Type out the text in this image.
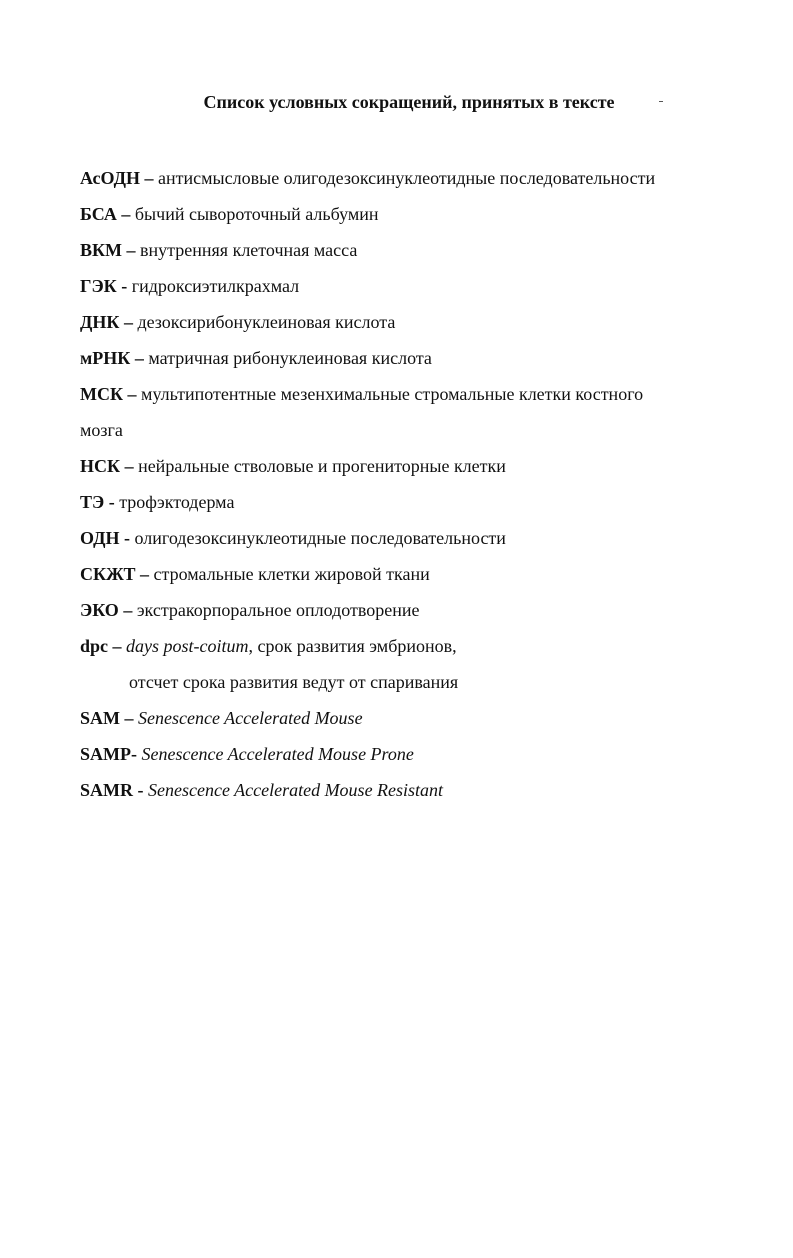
Список условных сокращений, принятых в тексте
АсОДН – антисмысловые олигодезоксинуклеотидные последовательности
БСА – бычий сывороточный альбумин
ВКМ – внутренняя клеточная масса
ГЭК - гидроксиэтилкрахмал
ДНК – дезоксирибонуклеиновая кислота
мРНК – матричная рибонуклеиновая кислота
МСК – мультипотентные мезенхимальные стромальные клетки костного
мозга
НСК – нейральные стволовые и прогениторные клетки
ТЭ - трофэктодерма
ОДН - олигодезоксинуклеотидные последовательности
СКЖТ – стромальные клетки жировой ткани
ЭКО – экстракорпоральное оплодотворение
dpc – days post-coitum, срок развития эмбрионов,
отсчет срока развития ведут от спаривания
SAM – Senescence Accelerated Mouse
SAMP- Senescence Accelerated Mouse Prone
SAMR - Senescence Accelerated Mouse Resistant
